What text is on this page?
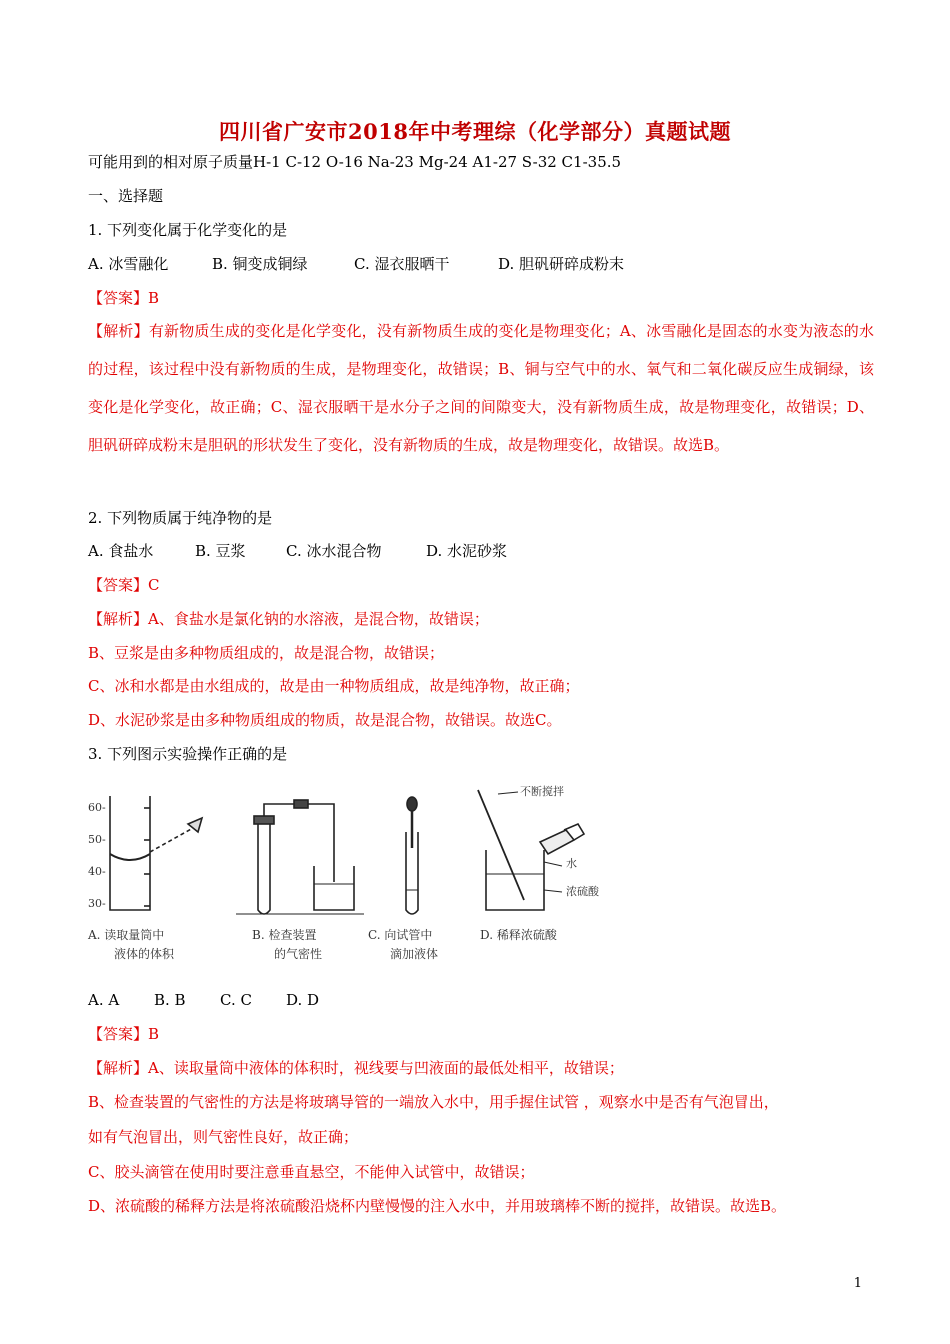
四川省广安市2018年中考理综（化学部分）真题试题
可能用到的相对原子质量H-1 C-12 O-16 Na-23 Mg-24 A1-27 S-32 C1-35.5
一、选择题
1. 下列变化属于化学变化的是
A. 冰雪融化	B. 铜变成铜绿	C. 湿衣服晒干	D. 胆矾研碎成粉末
【答案】B
【解析】有新物质生成的变化是化学变化，没有新物质生成的变化是物理变化；A、冰雪融化是固态的水变为液态的水的过程，该过程中没有新物质的生成，是物理变化，故错误；B、铜与空气中的水、氧气和二氧化碳反应生成铜绿，该变化是化学变化，故正确；C、湿衣服晒干是水分子之间的间隙变大，没有新物质生成，故是物理变化，故错误；D、胆矾研碎成粉末是胆矾的形状发生了变化，没有新物质的生成，故是物理变化，故错误。故选B。
2. 下列物质属于纯净物的是
A. 食盐水	B. 豆浆	C. 冰水混合物	D. 水泥砂浆
【答案】C
【解析】A、食盐水是氯化钠的水溶液，是混合物，故错误；
B、豆浆是由多种物质组成的，故是混合物，故错误；
C、冰和水都是由水组成的，故是由一种物质组成，故是纯净物，故正确；
D、水泥砂浆是由多种物质组成的物质，故是混合物，故错误。故选C。
3. 下列图示实验操作正确的是
60-
50-
40-
30-
不断搅拌
水
浓硫酸
A. 读取量筒中
液体的体积
B. 检查装置
的气密性
C. 向试管中
滴加液体
D. 稀释浓硫酸
A. A B. B C. C D. D
【答案】B
【解析】A、读取量筒中液体的体积时，视线要与凹液面的最低处相平，故错误；
B、检查装置的气密性的方法是将玻璃导管的一端放入水中，用手握住试管 ，观察水中是否有气泡冒出，
如有气泡冒出，则气密性良好，故正确；
C、胶头滴管在使用时要注意垂直悬空，不能伸入试管中，故错误；
D、浓硫酸的稀释方法是将浓硫酸沿烧杯内壁慢慢的注入水中，并用玻璃棒不断的搅拌，故错误。故选B。
1
